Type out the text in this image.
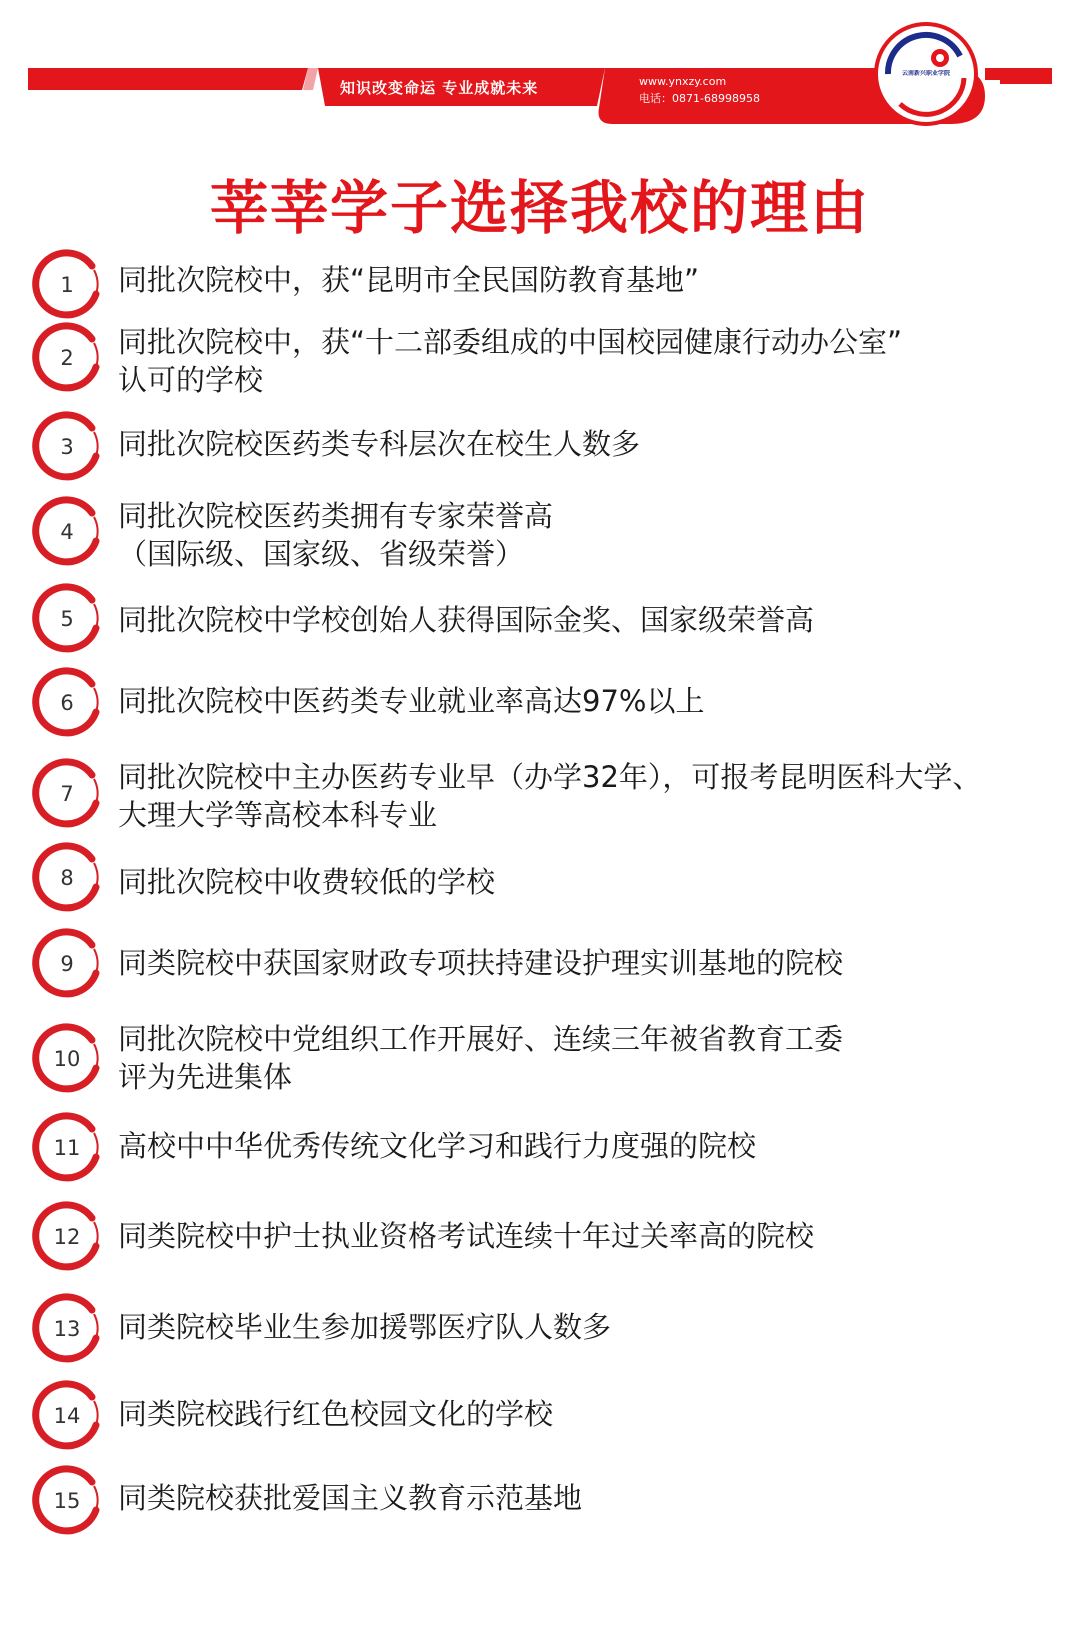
知识改变命运 专业成就未来	www.ynxzy.com
电话：0871-68998958
云南新兴职业学院
莘莘学子选择我校的理由
1	同批次院校中，获“昆明市全民国防教育基地”
2	同批次院校中，获“十二部委组成的中国校园健康行动办公室”
认可的学校
3	同批次院校医药类专科层次在校生人数多
4	同批次院校医药类拥有专家荣誉高
（国际级、国家级、省级荣誉）
5	同批次院校中学校创始人获得国际金奖、国家级荣誉高
6	同批次院校中医药类专业就业率高达97%以上
7	同批次院校中主办医药专业早（办学32年），可报考昆明医科大学、
大理大学等高校本科专业
8	同批次院校中收费较低的学校
9	同类院校中获国家财政专项扶持建设护理实训基地的院校
10
同批次院校中党组织工作开展好、连续三年被省教育工委
评为先进集体
11	高校中中华优秀传统文化学习和践行力度强的院校
12	同类院校中护士执业资格考试连续十年过关率高的院校
13	同类院校毕业生参加援鄂医疗队人数多
14	同类院校践行红色校园文化的学校
15	同类院校获批爱国主义教育示范基地
